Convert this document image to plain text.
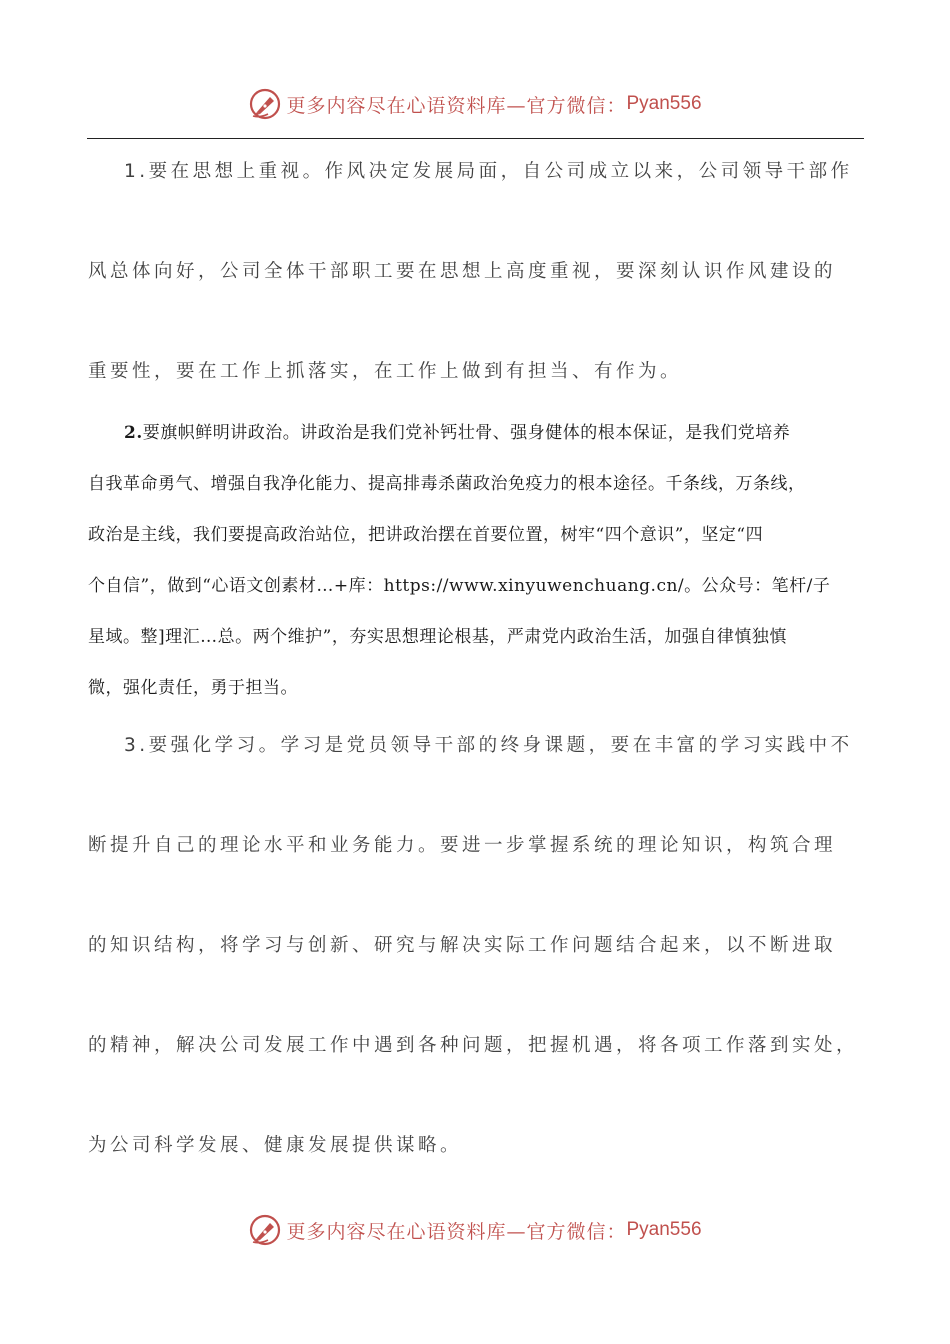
更多内容尽在心语资料库—官方微信： Pyan556
1.要在思想上重视。作风决定发展局面，自公司成立以来，公司领导干部作
风总体向好，公司全体干部职工要在思想上高度重视，要深刻认识作风建设的
重要性，要在工作上抓落实，在工作上做到有担当、有作为。
2.要旗帜鲜明讲政治。讲政治是我们党补钙壮骨、强身健体的根本保证，是我们党培养
自我革命勇气、增强自我净化能力、提高排毒杀菌政治免疫力的根本途径。千条线，万条线，
政治是主线，我们要提高政治站位，把讲政治摆在首要位置，树牢“四个意识”，坚定“四
个自信”，做到“心语文创素材…+库：https://www.xinyuwenchuang.cn/。公众号：笔杆/子
星域。整]理汇…总。两个维护”，夯实思想理论根基，严肃党内政治生活，加强自律慎独慎
微，强化责任，勇于担当。
3.要强化学习。学习是党员领导干部的终身课题，要在丰富的学习实践中不
断提升自己的理论水平和业务能力。要进一步掌握系统的理论知识，构筑合理
的知识结构，将学习与创新、研究与解决实际工作问题结合起来，以不断进取
的精神，解决公司发展工作中遇到各种问题，把握机遇，将各项工作落到实处，
为公司科学发展、健康发展提供谋略。
更多内容尽在心语资料库—官方微信： Pyan556
